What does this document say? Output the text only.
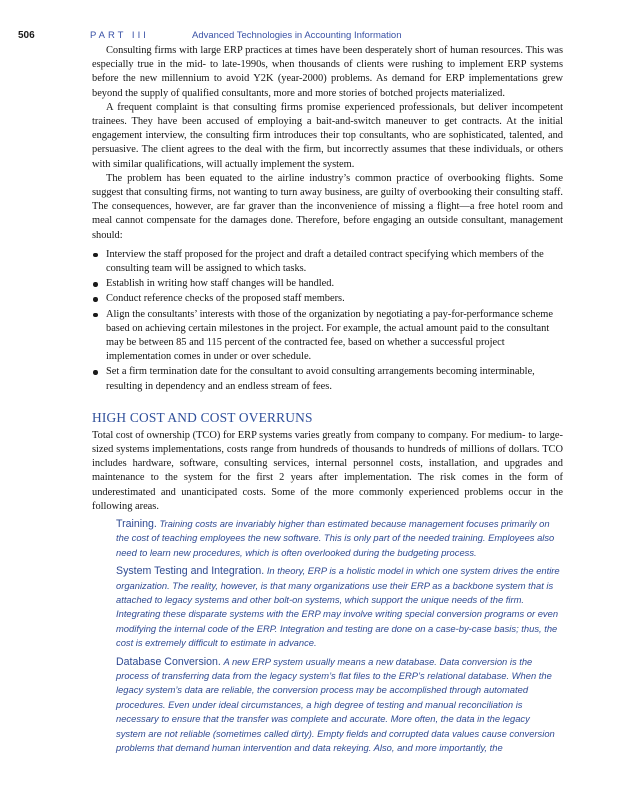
506	PART III	Advanced Technologies in Accounting Information

Consulting firms with large ERP practices at times have been desperately short of human resources. This was especially true in the mid- to late-1990s, when thousands of clients were rushing to implement ERP systems before the new millennium to avoid Y2K (year-2000) problems. As demand for ERP implementations grew beyond the supply of qualified consultants, more and more stories of botched projects materialized.

A frequent complaint is that consulting firms promise experienced professionals, but deliver incompetent trainees. They have been accused of employing a bait-and-switch maneuver to get contracts. At the initial engagement interview, the consulting firm introduces their top consultants, who are sophisticated, talented, and persuasive. The client agrees to the deal with the firm, but incorrectly assumes that these individuals, or others with similar qualifications, will actually implement the system.

The problem has been equated to the airline industry’s common practice of overbooking flights. Some suggest that consulting firms, not wanting to turn away business, are guilty of overbooking their consulting staff. The consequences, however, are far graver than the inconvenience of missing a flight—a free hotel room and meal cannot compensate for the damages done. Therefore, before engaging an outside consultant, management should:

Interview the staff proposed for the project and draft a detailed contract specifying which members of the consulting team will be assigned to which tasks.
Establish in writing how staff changes will be handled.
Conduct reference checks of the proposed staff members.
Align the consultants’ interests with those of the organization by negotiating a pay-for-performance scheme based on achieving certain milestones in the project. For example, the actual amount paid to the consultant may be between 85 and 115 percent of the contracted fee, based on whether a successful project implementation comes in under or over schedule.
Set a firm termination date for the consultant to avoid consulting arrangements becoming interminable, resulting in dependency and an endless stream of fees.
HIGH COST AND COST OVERRUNS

Total cost of ownership (TCO) for ERP systems varies greatly from company to company. For medium- to large-sized systems implementations, costs range from hundreds of thousands to hundreds of millions of dollars. TCO includes hardware, software, consulting services, internal personnel costs, installation, and upgrades and maintenance to the system for the first 2 years after implementation. The risk comes in the form of underestimated and unanticipated costs. Some of the more commonly experienced problems occur in the following areas.

Training. Training costs are invariably higher than estimated because management focuses primarily on the cost of teaching employees the new software. This is only part of the needed training. Employees also need to learn new procedures, which is often overlooked during the budgeting process.
System Testing and Integration. In theory, ERP is a holistic model in which one system drives the entire organization. The reality, however, is that many organizations use their ERP as a backbone system that is attached to legacy systems and other bolt-on systems, which support the unique needs of the firm. Integrating these disparate systems with the ERP may involve writing special conversion programs or even modifying the internal code of the ERP. Integration and testing are done on a case-by-case basis; thus, the cost is extremely difficult to estimate in advance.
Database Conversion. A new ERP system usually means a new database. Data conversion is the process of transferring data from the legacy system’s flat files to the ERP’s relational database. When the legacy system’s data are reliable, the conversion process may be accomplished through automated procedures. Even under ideal circumstances, a high degree of testing and manual reconciliation is necessary to ensure that the transfer was complete and accurate. More often, the data in the legacy system are not reliable (sometimes called dirty). Empty fields and corrupted data values cause conversion problems that demand human intervention and data rekeying. Also, and more importantly, the
